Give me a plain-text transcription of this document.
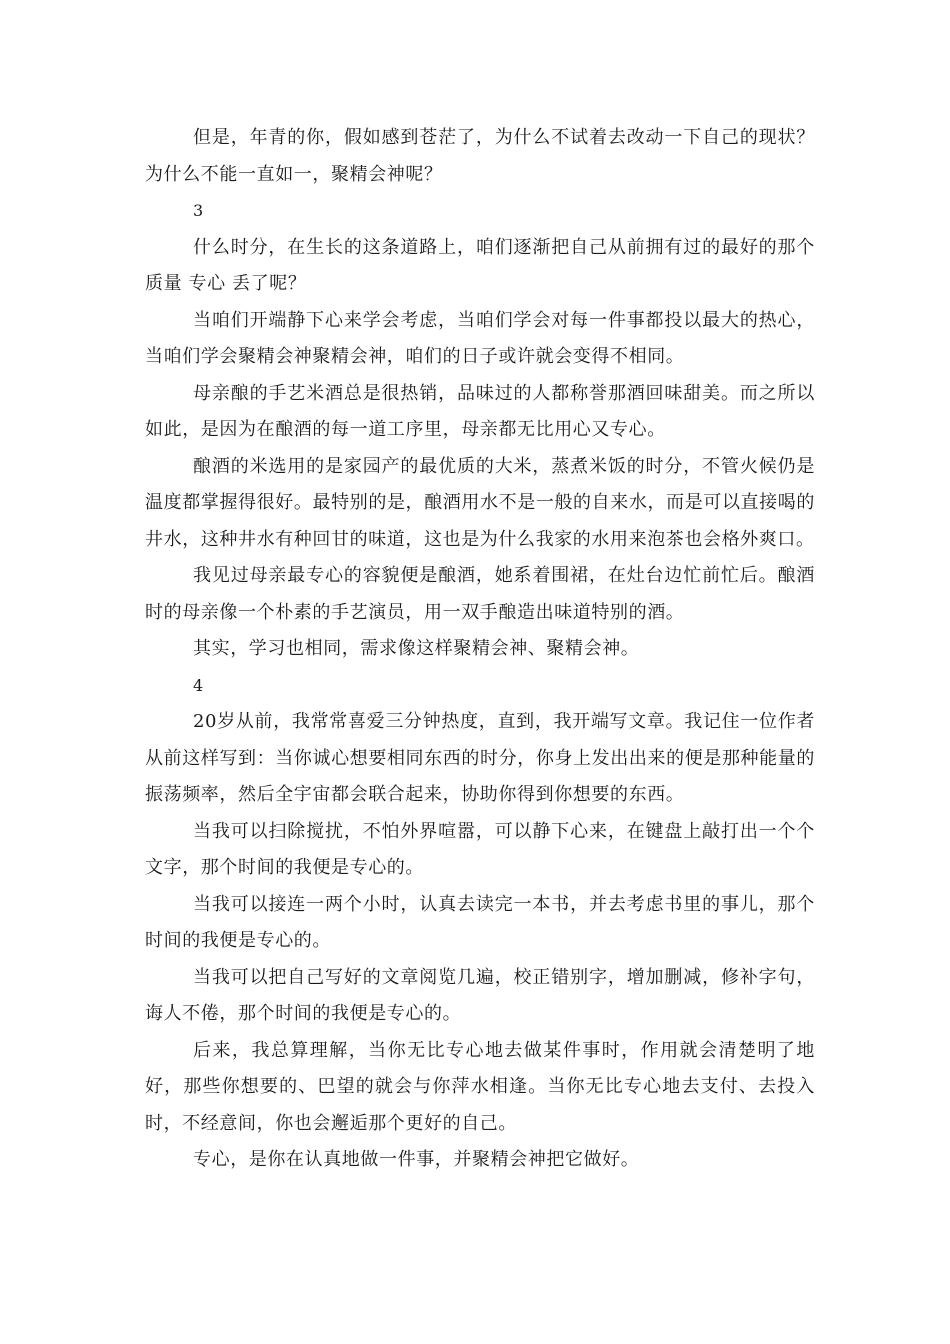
但是，年青的你，假如感到苍茫了，为什么不试着去改动一下自己的现状？为什么不能一直如一，聚精会神呢？

3

什么时分，在生长的这条道路上，咱们逐渐把自己从前拥有过的最好的那个质量 专心 丢了呢？

当咱们开端静下心来学会考虑，当咱们学会对每一件事都投以最大的热心，当咱们学会聚精会神聚精会神，咱们的日子或许就会变得不相同。

母亲酿的手艺米酒总是很热销，品味过的人都称誉那酒回味甜美。而之所以如此，是因为在酿酒的每一道工序里，母亲都无比用心又专心。

酿酒的米选用的是家园产的最优质的大米，蒸煮米饭的时分，不管火候仍是温度都掌握得很好。最特别的是，酿酒用水不是一般的自来水，而是可以直接喝的井水，这种井水有种回甘的味道，这也是为什么我家的水用来泡茶也会格外爽口。

我见过母亲最专心的容貌便是酿酒，她系着围裙，在灶台边忙前忙后。酿酒时的母亲像一个朴素的手艺演员，用一双手酿造出味道特别的酒。

其实，学习也相同，需求像这样聚精会神、聚精会神。

4

20岁从前，我常常喜爱三分钟热度，直到，我开端写文章。我记住一位作者从前这样写到：当你诚心想要相同东西的时分，你身上发出出来的便是那种能量的振荡频率，然后全宇宙都会联合起来，协助你得到你想要的东西。

当我可以扫除搅扰，不怕外界喧嚣，可以静下心来，在键盘上敲打出一个个文字，那个时间的我便是专心的。

当我可以接连一两个小时，认真去读完一本书，并去考虑书里的事儿，那个时间的我便是专心的。

当我可以把自己写好的文章阅览几遍，校正错别字，增加删减，修补字句，诲人不倦，那个时间的我便是专心的。

后来，我总算理解，当你无比专心地去做某件事时，作用就会清楚明了地好，那些你想要的、巴望的就会与你萍水相逢。当你无比专心地去支付、去投入时，不经意间，你也会邂逅那个更好的自己。

专心，是你在认真地做一件事，并聚精会神把它做好。
